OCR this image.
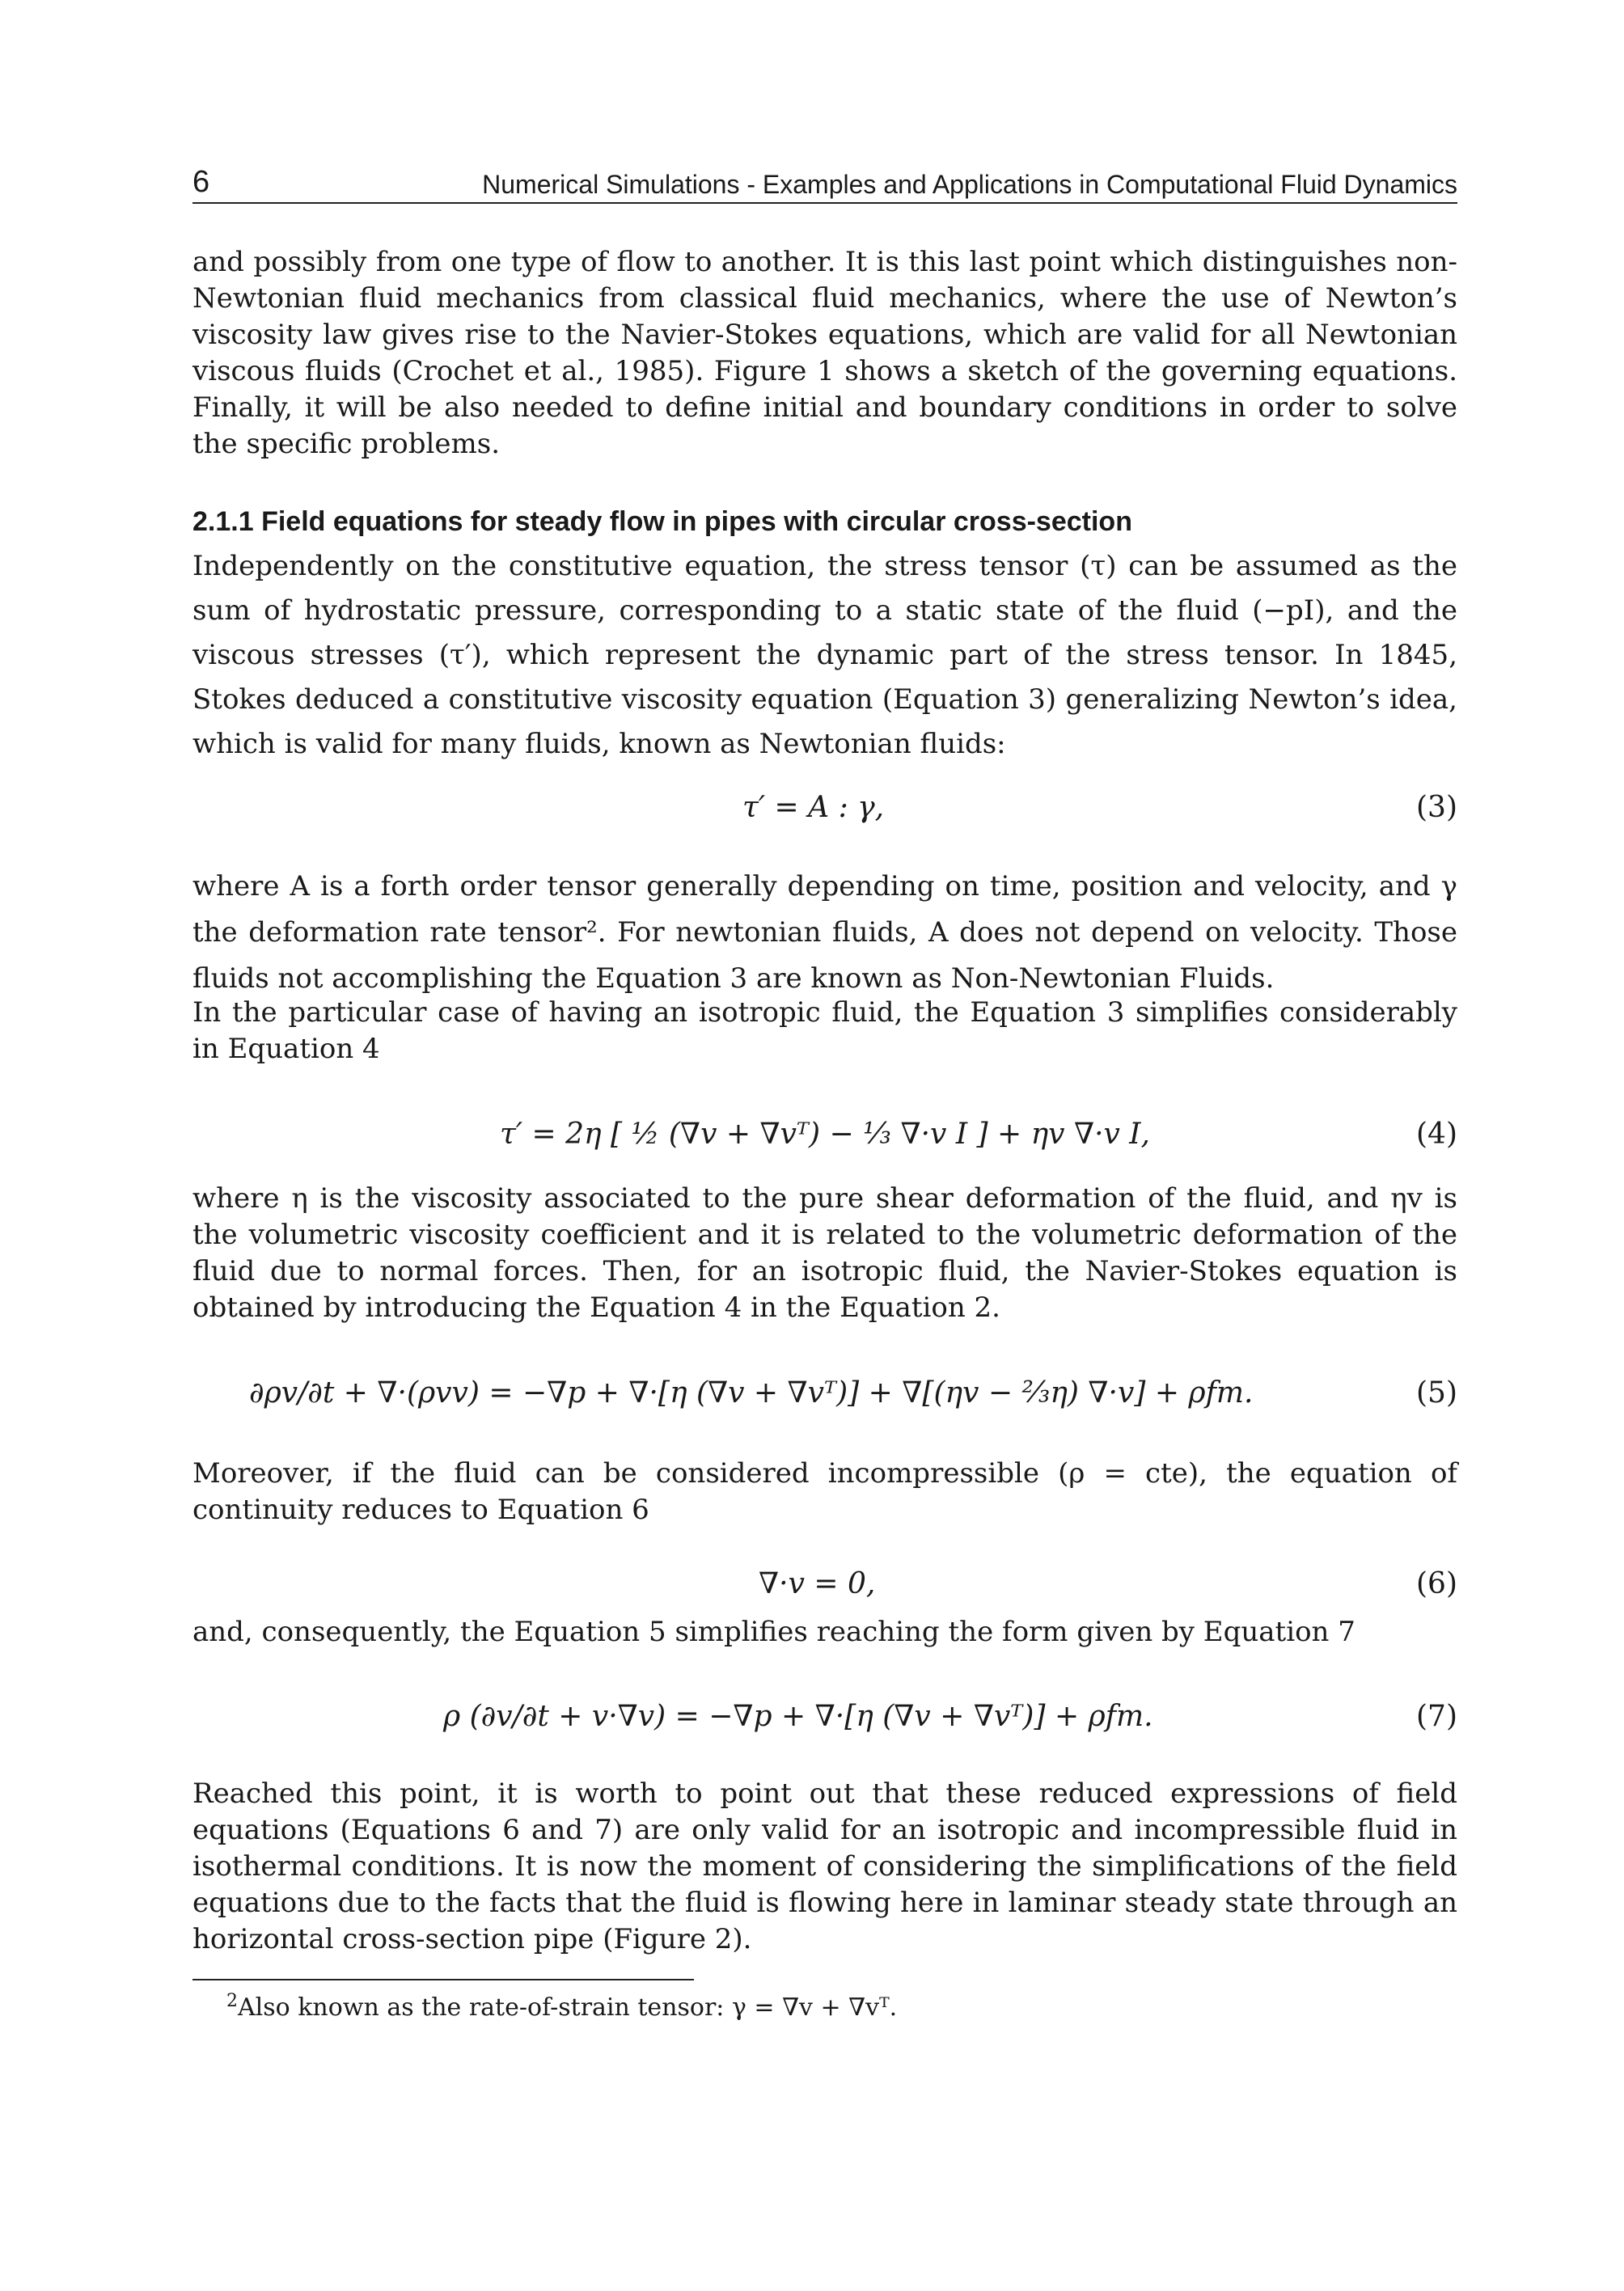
6	Numerical Simulations - Examples and Applications in Computational Fluid Dynamics
and possibly from one type of flow to another. It is this last point which distinguishes non-Newtonian fluid mechanics from classical fluid mechanics, where the use of Newton’s viscosity law gives rise to the Navier-Stokes equations, which are valid for all Newtonian viscous fluids (Crochet et al., 1985). Figure 1 shows a sketch of the governing equations. Finally, it will be also needed to define initial and boundary conditions in order to solve the specific problems.
2.1.1 Field equations for steady flow in pipes with circular cross-section
Independently on the constitutive equation, the stress tensor (τ) can be assumed as the sum of hydrostatic pressure, corresponding to a static state of the fluid (−pI), and the viscous stresses (τ′), which represent the dynamic part of the stress tensor. In 1845, Stokes deduced a constitutive viscosity equation (Equation 3) generalizing Newton’s idea, which is valid for many fluids, known as Newtonian fluids:
τ′ = A : γ,	(3)
where A is a forth order tensor generally depending on time, position and velocity, and γ the deformation rate tensor². For newtonian fluids, A does not depend on velocity. Those fluids not accomplishing the Equation 3 are known as Non-Newtonian Fluids.
In the particular case of having an isotropic fluid, the Equation 3 simplifies considerably in Equation 4
τ′ = 2η [ ½ (∇v + ∇vᵀ) − ⅓ ∇·v I ] + ηv ∇·v I,	(4)
where η is the viscosity associated to the pure shear deformation of the fluid, and ηv is the volumetric viscosity coefficient and it is related to the volumetric deformation of the fluid due to normal forces. Then, for an isotropic fluid, the Navier-Stokes equation is obtained by introducing the Equation 4 in the Equation 2.
∂ρv/∂t + ∇·(ρvv) = −∇p + ∇·[η (∇v + ∇vᵀ)] + ∇[(ηv − ⅔η) ∇·v] + ρfm.	(5)
Moreover, if the fluid can be considered incompressible (ρ = cte), the equation of continuity reduces to Equation 6
∇·v = 0,	(6)
and, consequently, the Equation 5 simplifies reaching the form given by Equation 7
ρ (∂v/∂t + v·∇v) = −∇p + ∇·[η (∇v + ∇vᵀ)] + ρfm.	(7)
Reached this point, it is worth to point out that these reduced expressions of field equations (Equations 6 and 7) are only valid for an isotropic and incompressible fluid in isothermal conditions. It is now the moment of considering the simplifications of the field equations due to the facts that the fluid is flowing here in laminar steady state through an horizontal cross-section pipe (Figure 2).
$^2$Also known as the rate-of-strain tensor: γ = ∇v + ∇vᵀ.
